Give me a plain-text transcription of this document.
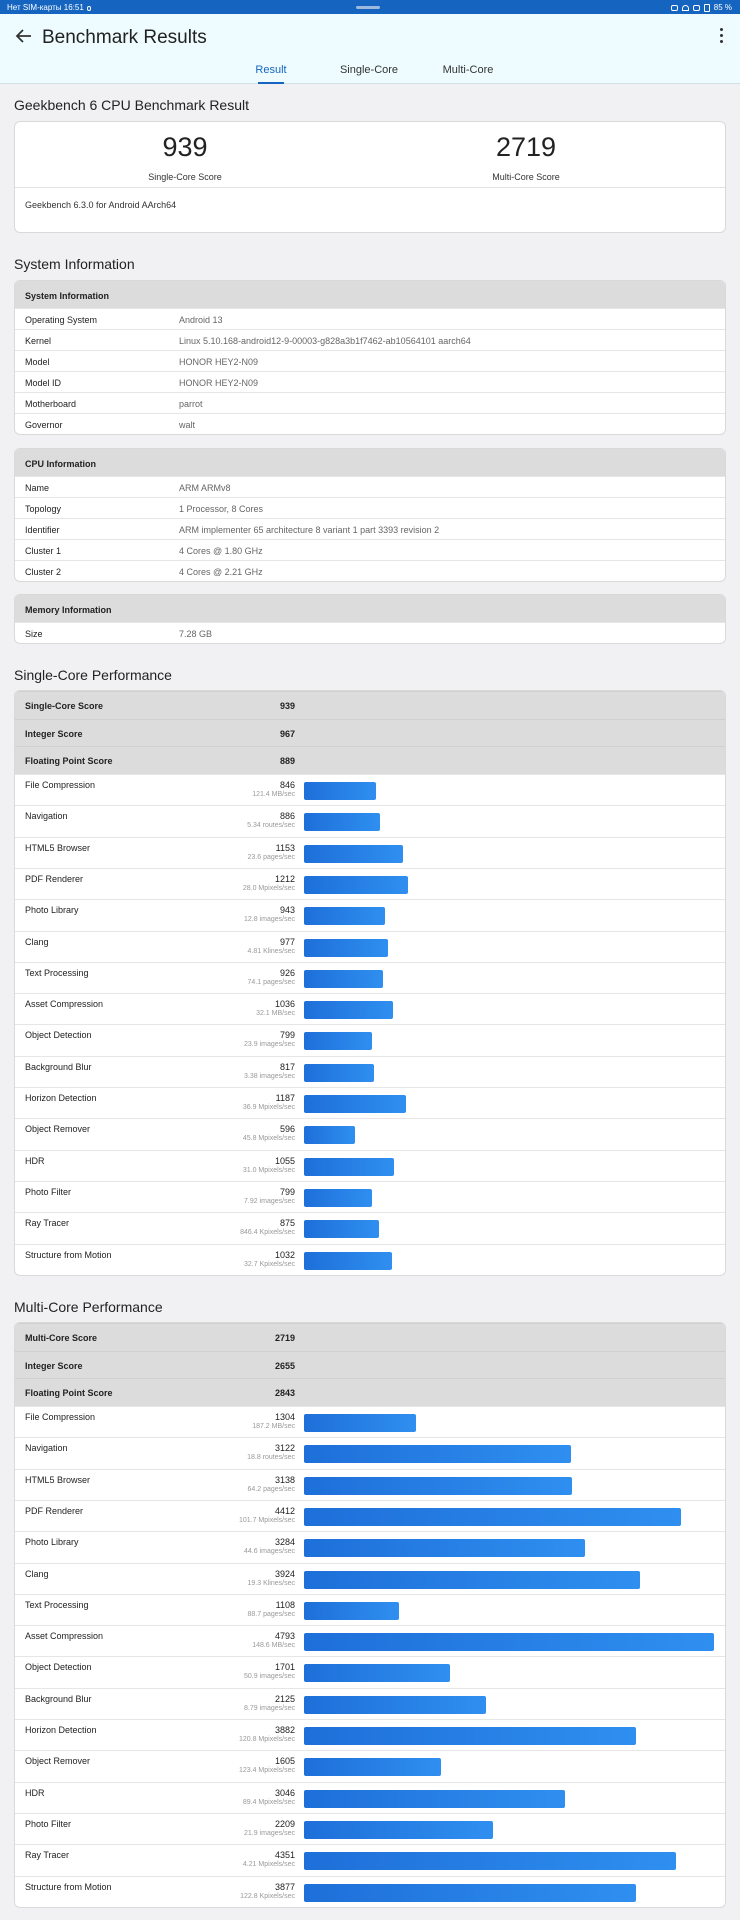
Нет SIM-карты 16:51	85 %
Benchmark Results
Result	Single-Core	Multi-Core
Geekbench 6 CPU Benchmark Result
Geekbench 6.3.0 for Android AArch64
939
Single-Core Score
2719
Multi-Core Score
System Information
System Information
Operating System	Android 13
Kernel	Linux 5.10.168-android12-9-00003-g828a3b1f7462-ab10564101 aarch64
Model	HONOR HEY2-N09
Model ID	HONOR HEY2-N09
Motherboard	parrot
Governor	walt
CPU Information
Name	ARM ARMv8
Topology	1 Processor, 8 Cores
Identifier	ARM implementer 65 architecture 8 variant 1 part 3393 revision 2
Cluster 1	4 Cores @ 1.80 GHz
Cluster 2	4 Cores @ 2.21 GHz
Memory Information
Size	7.28 GB
Single-Core Performance
Single-Core Score	939
Integer Score	967
Floating Point Score	889
File Compression	846
121.4 MB/sec
Navigation	886
5.34 routes/sec
HTML5 Browser	1153
23.6 pages/sec
PDF Renderer	1212
28.0 Mpixels/sec
Photo Library	943
12.8 images/sec
Clang	977
4.81 Klines/sec
Text Processing	926
74.1 pages/sec
Asset Compression	1036
32.1 MB/sec
Object Detection	799
23.9 images/sec
Background Blur	817
3.38 images/sec
Horizon Detection	1187
36.9 Mpixels/sec
Object Remover	596
45.8 Mpixels/sec
HDR	1055
31.0 Mpixels/sec
Photo Filter	799
7.92 images/sec
Ray Tracer	875
846.4 Kpixels/sec
Structure from Motion	1032
32.7 Kpixels/sec
Multi-Core Performance
Multi-Core Score	2719
Integer Score	2655
Floating Point Score	2843
File Compression	1304
187.2 MB/sec
Navigation	3122
18.8 routes/sec
HTML5 Browser	3138
64.2 pages/sec
PDF Renderer	4412
101.7 Mpixels/sec
Photo Library	3284
44.6 images/sec
Clang	3924
19.3 Klines/sec
Text Processing	1108
88.7 pages/sec
Asset Compression	4793
148.6 MB/sec
Object Detection	1701
50.9 images/sec
Background Blur	2125
8.79 images/sec
Horizon Detection	3882
120.8 Mpixels/sec
Object Remover	1605
123.4 Mpixels/sec
HDR	3046
89.4 Mpixels/sec
Photo Filter	2209
21.9 images/sec
Ray Tracer	4351
4.21 Mpixels/sec
Structure from Motion	3877
122.8 Kpixels/sec
